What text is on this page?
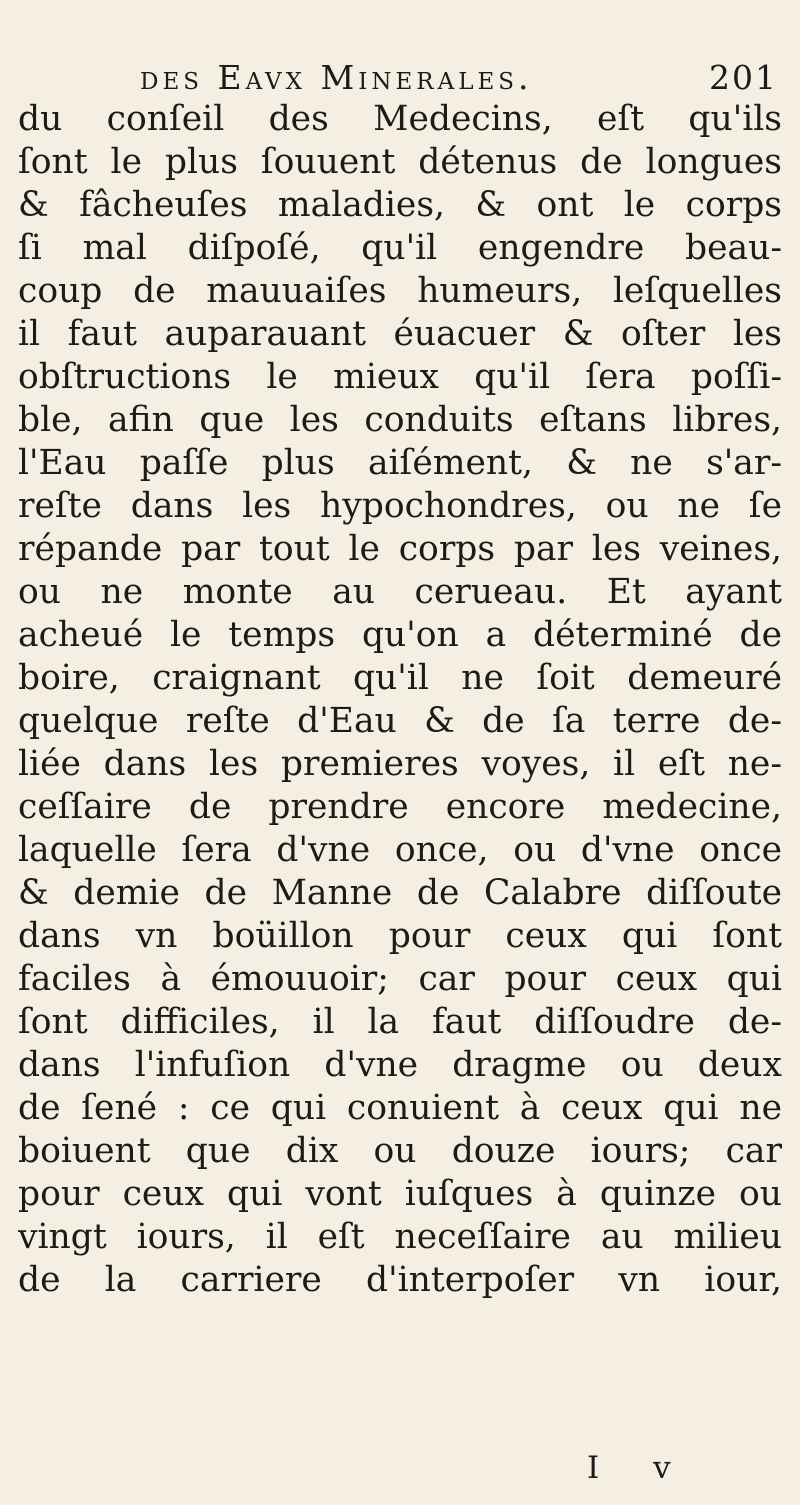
des Eavx Minerales.	201
du conſeil des Medecins, eſt qu'ils
ſont le plus ſouuent détenus de longues
& fâcheuſes maladies, & ont le corps
ſi mal diſpoſé, qu'il engendre beau-
coup de mauuaiſes humeurs, leſquelles
il faut auparauant éuacuer & oſter les
obſtructions le mieux qu'il ſera poſſi-
ble, afin que les conduits eſtans libres,
l'Eau paſſe plus aiſément, & ne s'ar-
reſte dans les hypochondres, ou ne ſe
répande par tout le corps par les veines,
ou ne monte au cerueau. Et ayant
acheué le temps qu'on a déterminé de
boire, craignant qu'il ne ſoit demeuré
quelque reſte d'Eau & de ſa terre de-
liée dans les premieres voyes, il eſt ne-
ceſſaire de prendre encore medecine,
laquelle ſera d'vne once, ou d'vne once
& demie de Manne de Calabre diſſoute
dans vn boüillon pour ceux qui ſont
faciles à émouuoir; car pour ceux qui
ſont difficiles, il la faut diſſoudre de-
dans l'infuſion d'vne dragme ou deux
de ſené : ce qui conuient à ceux qui ne
boiuent que dix ou douze iours; car
pour ceux qui vont iuſques à quinze ou
vingt iours, il eſt neceſſaire au milieu
de la carriere d'interpoſer vn iour,
I v
